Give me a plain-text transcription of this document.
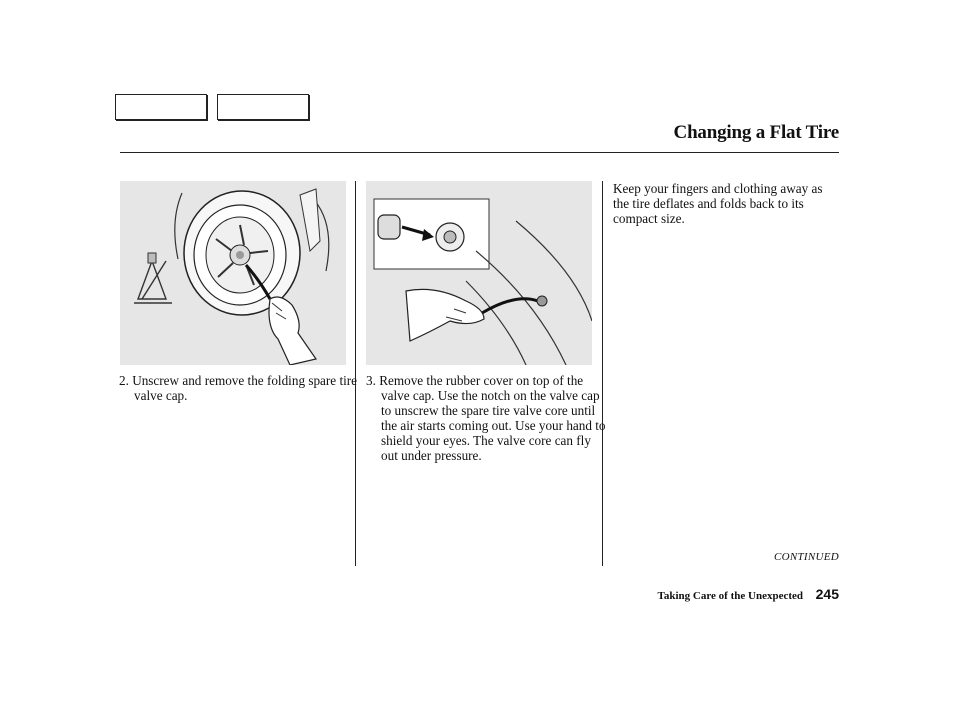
Changing a Flat Tire

2. Unscrew and remove the folding spare tire valve cap.

3. Remove the rubber cover on top of the valve cap. Use the notch on the valve cap to unscrew the spare tire valve core until the air starts coming out. Use your hand to shield your eyes. The valve core can fly out under pressure.

Keep your fingers and clothing away as the tire deflates and folds back to its compact size.

CONTINUED
Taking Care of the Unexpected 245
